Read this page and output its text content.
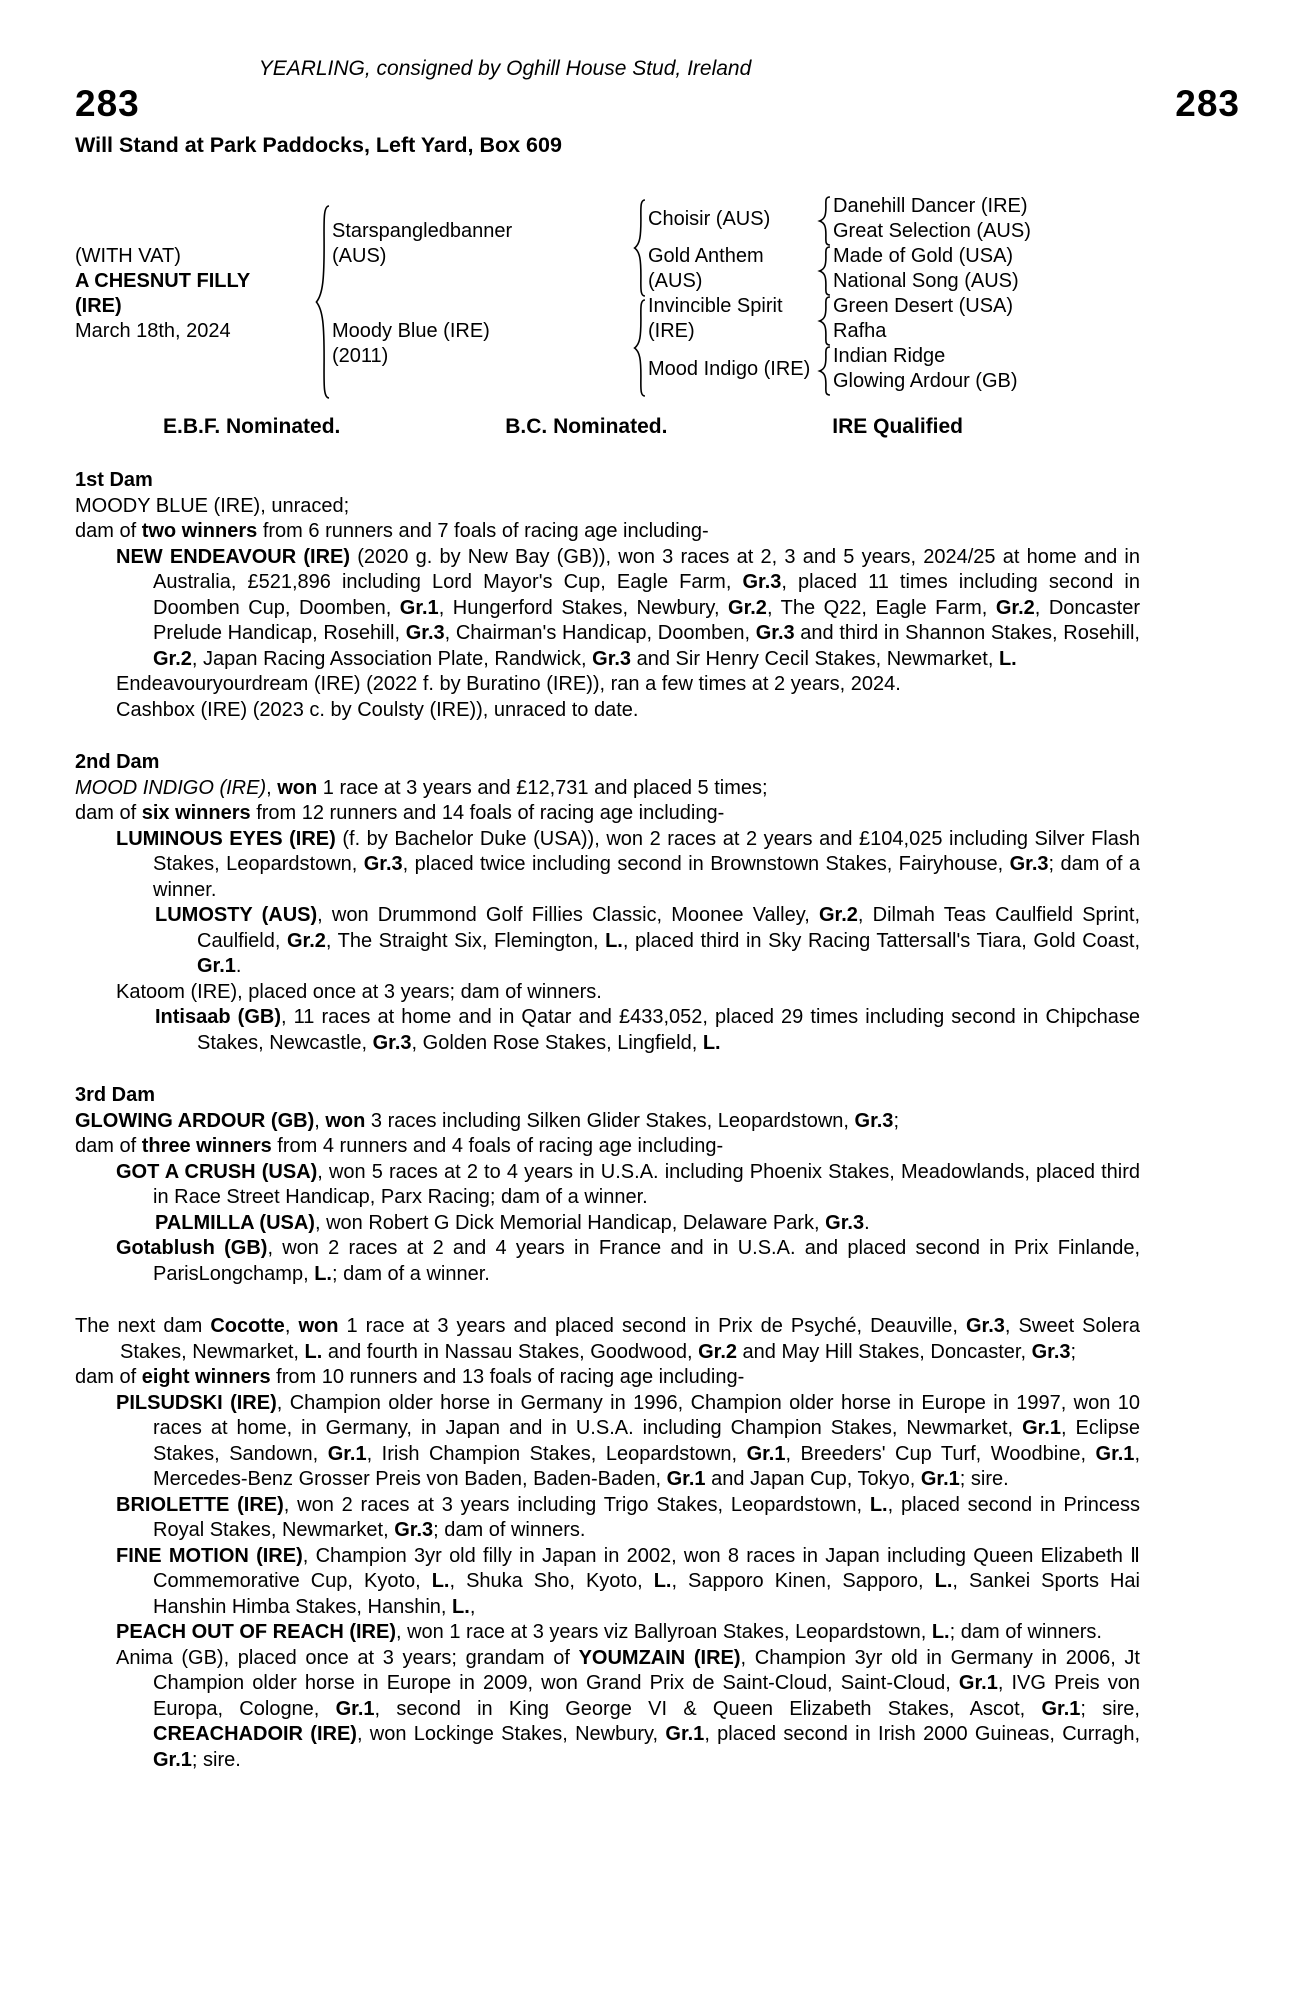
YEARLING, consigned by Oghill House Stud, Ireland
283	283
Will Stand at Park Paddocks, Left Yard, Box 609
(WITH VAT)
A CHESNUT FILLY (IRE)
March 18th, 2024
Starspangledbanner
(AUS)
Moody Blue (IRE)
(2011)
Choisir (AUS)
Gold Anthem
(AUS)
Invincible Spirit
(IRE)
Mood Indigo (IRE)
Danehill Dancer (IRE)
Great Selection (AUS)
Made of Gold (USA)
National Song (AUS)
Green Desert (USA)
Rafha
Indian Ridge
Glowing Ardour (GB)
E.B.F. Nominated.	B.C. Nominated.	IRE Qualified
1st Dam
MOODY BLUE (IRE), unraced;
dam of two winners from 6 runners and 7 foals of racing age including-
NEW ENDEAVOUR (IRE) (2020 g. by New Bay (GB)), won 3 races at 2, 3 and 5 years, 2024/25 at home and in Australia, £521,896 including Lord Mayor's Cup, Eagle Farm, Gr.3, placed 11 times including second in Doomben Cup, Doomben, Gr.1, Hungerford Stakes, Newbury, Gr.2, The Q22, Eagle Farm, Gr.2, Doncaster Prelude Handicap, Rosehill, Gr.3, Chairman's Handicap, Doomben, Gr.3 and third in Shannon Stakes, Rosehill, Gr.2, Japan Racing Association Plate, Randwick, Gr.3 and Sir Henry Cecil Stakes, Newmarket, L.
Endeavouryourdream (IRE) (2022 f. by Buratino (IRE)), ran a few times at 2 years, 2024.
Cashbox (IRE) (2023 c. by Coulsty (IRE)), unraced to date.
2nd Dam
MOOD INDIGO (IRE), won 1 race at 3 years and £12,731 and placed 5 times;
dam of six winners from 12 runners and 14 foals of racing age including-
LUMINOUS EYES (IRE) (f. by Bachelor Duke (USA)), won 2 races at 2 years and £104,025 including Silver Flash Stakes, Leopardstown, Gr.3, placed twice including second in Brownstown Stakes, Fairyhouse, Gr.3; dam of a winner.
LUMOSTY (AUS), won Drummond Golf Fillies Classic, Moonee Valley, Gr.2, Dilmah Teas Caulfield Sprint, Caulfield, Gr.2, The Straight Six, Flemington, L., placed third in Sky Racing Tattersall's Tiara, Gold Coast, Gr.1.
Katoom (IRE), placed once at 3 years; dam of winners.
Intisaab (GB), 11 races at home and in Qatar and £433,052, placed 29 times including second in Chipchase Stakes, Newcastle, Gr.3, Golden Rose Stakes, Lingfield, L.
3rd Dam
GLOWING ARDOUR (GB), won 3 races including Silken Glider Stakes, Leopardstown, Gr.3;
dam of three winners from 4 runners and 4 foals of racing age including-
GOT A CRUSH (USA), won 5 races at 2 to 4 years in U.S.A. including Phoenix Stakes, Meadowlands, placed third in Race Street Handicap, Parx Racing; dam of a winner.
PALMILLA (USA), won Robert G Dick Memorial Handicap, Delaware Park, Gr.3.
Gotablush (GB), won 2 races at 2 and 4 years in France and in U.S.A. and placed second in Prix Finlande, ParisLongchamp, L.; dam of a winner.
The next dam Cocotte, won 1 race at 3 years and placed second in Prix de Psyché, Deauville, Gr.3, Sweet Solera Stakes, Newmarket, L. and fourth in Nassau Stakes, Goodwood, Gr.2 and May Hill Stakes, Doncaster, Gr.3;
dam of eight winners from 10 runners and 13 foals of racing age including-
PILSUDSKI (IRE), Champion older horse in Germany in 1996, Champion older horse in Europe in 1997, won 10 races at home, in Germany, in Japan and in U.S.A. including Champion Stakes, Newmarket, Gr.1, Eclipse Stakes, Sandown, Gr.1, Irish Champion Stakes, Leopardstown, Gr.1, Breeders' Cup Turf, Woodbine, Gr.1, Mercedes-Benz Grosser Preis von Baden, Baden-Baden, Gr.1 and Japan Cup, Tokyo, Gr.1; sire.
BRIOLETTE (IRE), won 2 races at 3 years including Trigo Stakes, Leopardstown, L., placed second in Princess Royal Stakes, Newmarket, Gr.3; dam of winners.
FINE MOTION (IRE), Champion 3yr old filly in Japan in 2002, won 8 races in Japan including Queen Elizabeth Ⅱ Commemorative Cup, Kyoto, L., Shuka Sho, Kyoto, L., Sapporo Kinen, Sapporo, L., Sankei Sports Hai Hanshin Himba Stakes, Hanshin, L.,
PEACH OUT OF REACH (IRE), won 1 race at 3 years viz Ballyroan Stakes, Leopardstown, L.; dam of winners.
Anima (GB), placed once at 3 years; grandam of YOUMZAIN (IRE), Champion 3yr old in Germany in 2006, Jt Champion older horse in Europe in 2009, won Grand Prix de Saint-Cloud, Saint-Cloud, Gr.1, IVG Preis von Europa, Cologne, Gr.1, second in King George VI & Queen Elizabeth Stakes, Ascot, Gr.1; sire, CREACHADOIR (IRE), won Lockinge Stakes, Newbury, Gr.1, placed second in Irish 2000 Guineas, Curragh, Gr.1; sire.
